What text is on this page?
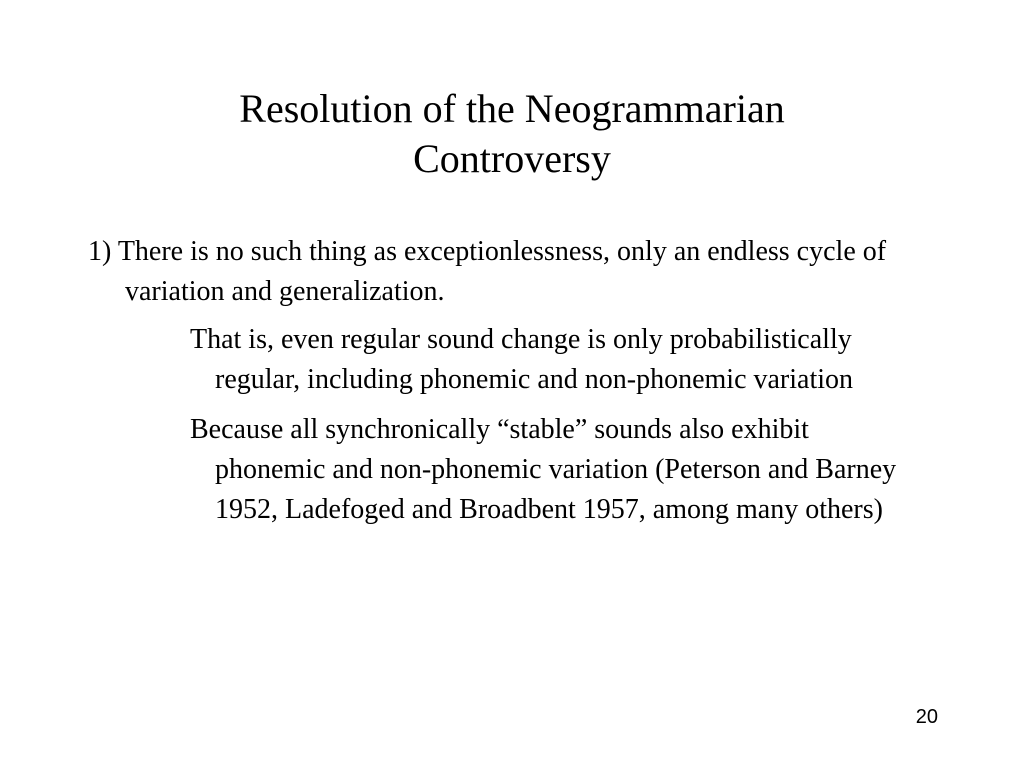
Resolution of the Neogrammarian
Controversy

1) There is no such thing as exceptionlessness, only an endless cycle of variation and generalization.

That is, even regular sound change is only probabilistically regular, including phonemic and non-phonemic variation

Because all synchronically “stable” sounds also exhibit phonemic and non-phonemic variation (Peterson and Barney 1952, Ladefoged and Broadbent 1957, among many others)

20
